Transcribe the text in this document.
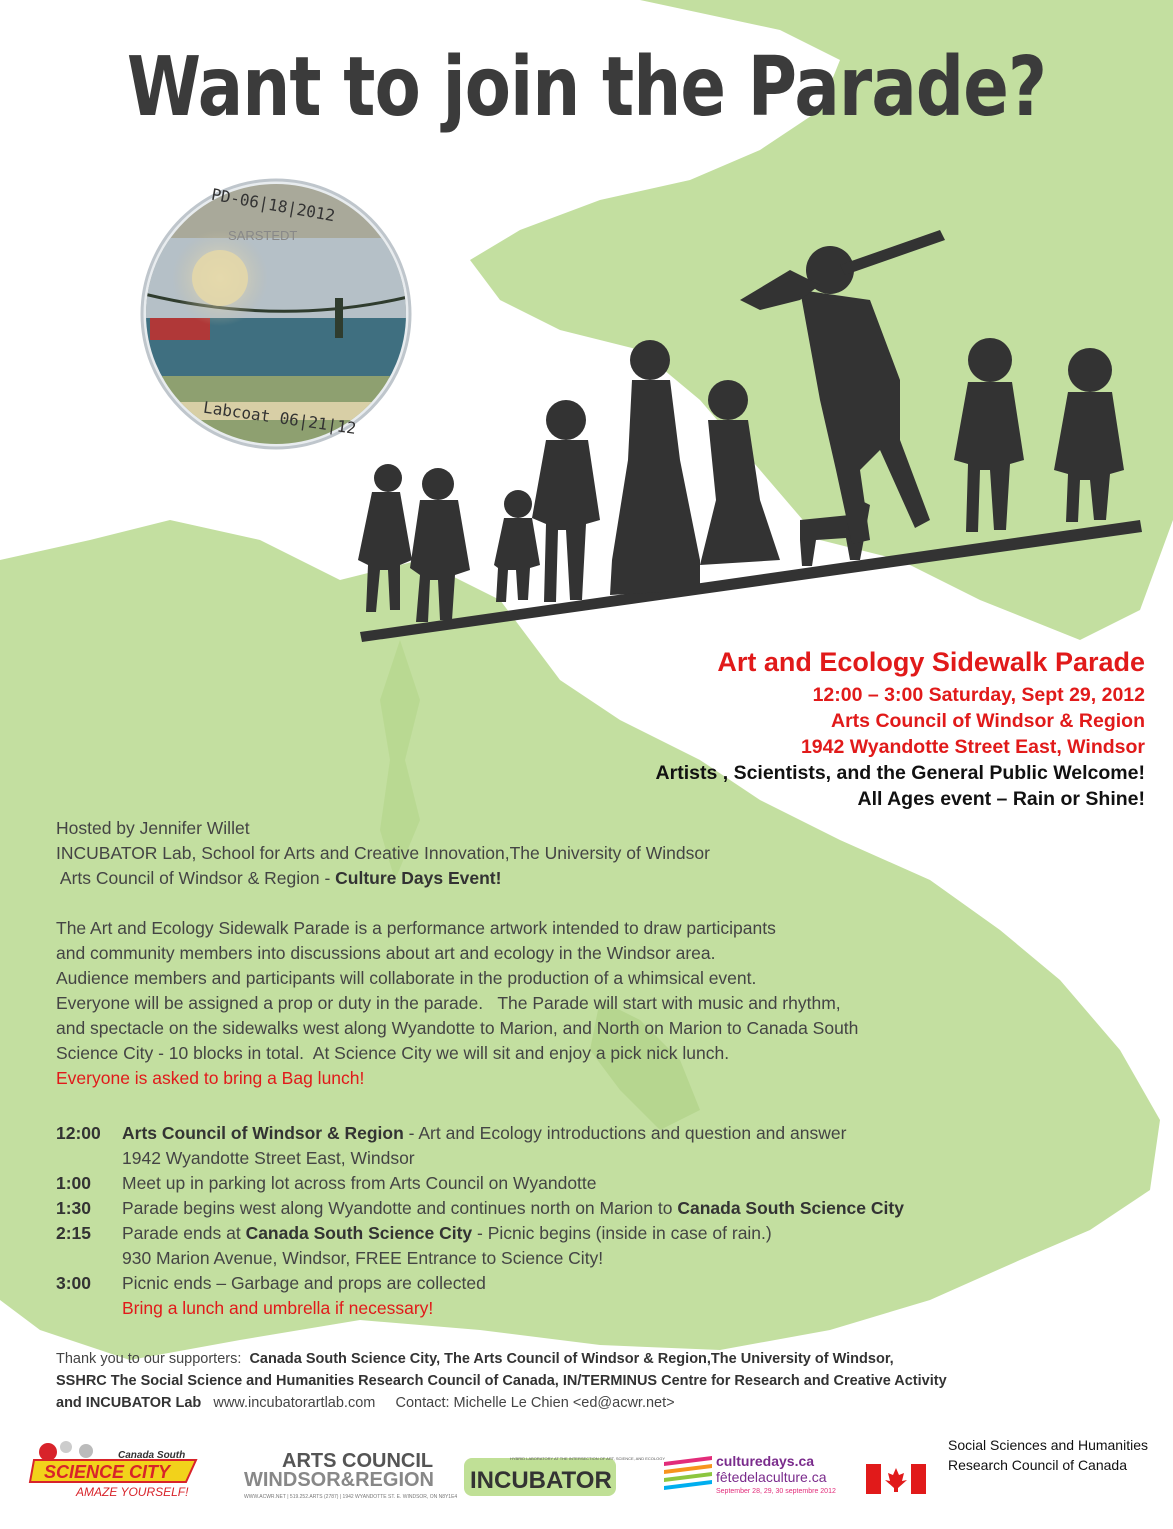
Want to join the Parade?
PD-06|18|2012
SARSTEDT
Labcoat 06|21|12
Art and Ecology Sidewalk Parade
12:00 – 3:00 Saturday, Sept 29, 2012
Arts Council of Windsor & Region
1942 Wyandotte Street East, Windsor
Artists , Scientists, and the General Public Welcome!
All Ages event – Rain or Shine!
Hosted by Jennifer Willet
INCUBATOR Lab, School for Arts and Creative Innovation,The University of Windsor
Arts Council of Windsor & Region - Culture Days Event!
The Art and Ecology Sidewalk Parade is a performance artwork intended to draw participants
and community members into discussions about art and ecology in the Windsor area.
Audience members and participants will collaborate in the production of a whimsical event.
Everyone will be assigned a prop or duty in the parade.   The Parade will start with music and rhythm,
and spectacle on the sidewalks west along Wyandotte to Marion, and North on Marion to Canada South
Science City - 10 blocks in total.  At Science City we will sit and enjoy a pick nick lunch.
Everyone is asked to bring a Bag lunch!
12:00	Arts Council of Windsor & Region - Art and Ecology introductions and question and answer
1942 Wyandotte Street East, Windsor
1:00	Meet up in parking lot across from Arts Council on Wyandotte
1:30	Parade begins west along Wyandotte and continues north on Marion to Canada South Science City
2:15	Parade ends at Canada South Science City - Picnic begins (inside in case of rain.)
930 Marion Avenue, Windsor, FREE Entrance to Science City!
3:00	Picnic ends – Garbage and props are collected
Bring a lunch and umbrella if necessary!
Thank you to our supporters:  Canada South Science City, The Arts Council of Windsor & Region,The University of Windsor,
SSHRC The Social Science and Humanities Research Council of Canada, IN/TERMINUS Centre for Research and Creative Activity
and INCUBATOR Lab   www.incubatorartlab.com     Contact: Michelle Le Chien <ed@acwr.net>
Canada South
SCIENCE CITY
AMAZE YOURSELF!
ARTS COUNCIL
WINDSOR&REGION
WWW.ACWR.NET | 519.252.ARTS (2787) | 1942 WYANDOTTE ST. E. WINDSOR, ON N8Y1E4
HYBRID LABORATORY AT THE INTERSECTION OF ART, SCIENCE, AND ECOLOGY
INCUBATOR
culturedays.ca
fêtedelaculture.ca
September 28, 29, 30 septembre 2012
Social Sciences and Humanities
Research Council of Canada
